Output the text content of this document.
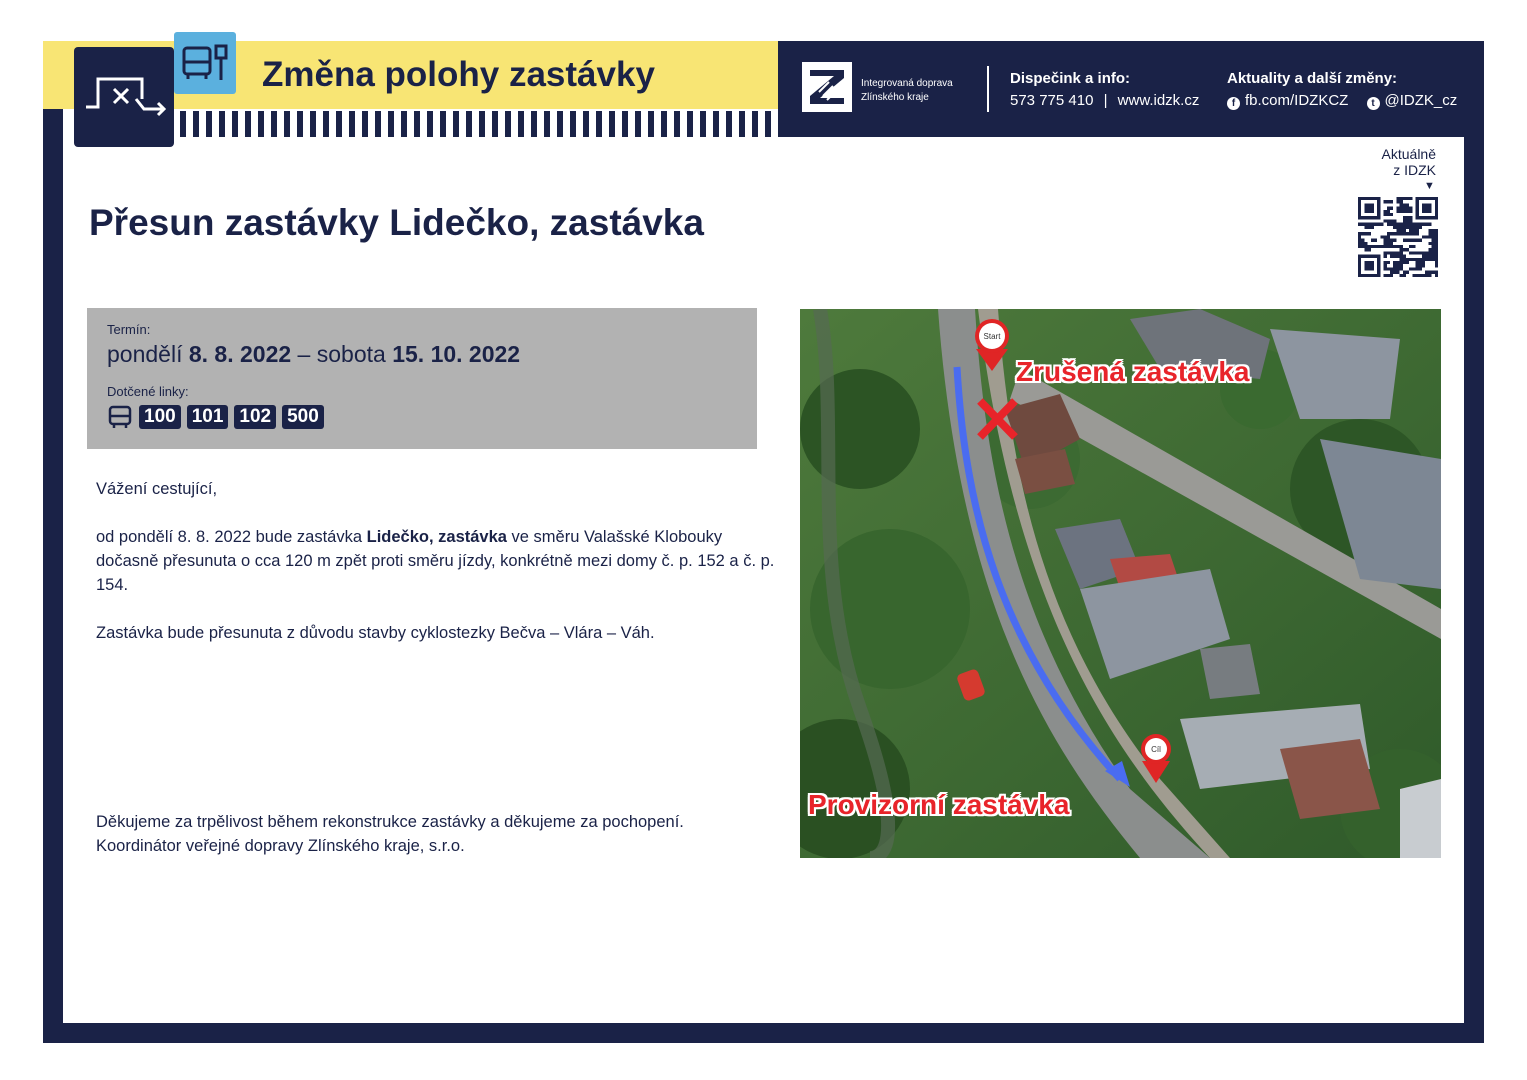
Změna polohy zastávky	Integrovaná doprava
Zlínského kraje
Dispečink a info:
573 775 410 | www.idzk.cz
Aktuality a další změny:
f fb.com/IDZKCZ t @IDZK_cz
Aktuálně
z IDZK
▼
Přesun zastávky Lidečko, zastávka
Termín:
pondělí 8. 8. 2022 – sobota 15. 10. 2022
Dotčené linky:
100 101 102 500

Vážení cestující,

od pondělí 8. 8. 2022 bude zastávka Lidečko, zastávka ve směru Valašské Klobouky dočasně přesunuta o cca 120 m zpět proti směru jízdy, konkrétně mezi domy č. p. 152 a č. p. 154.

Zastávka bude přesunuta z důvodu stavby cyklostezky Bečva – Vlára – Váh.

Děkujeme za trpělivost během rekonstrukce zastávky a děkujeme za pochopení.
Koordinátor veřejné dopravy Zlínského kraje, s.r.o.
Start
Cíl
Zrušená zastávka
Provizorní zastávka
